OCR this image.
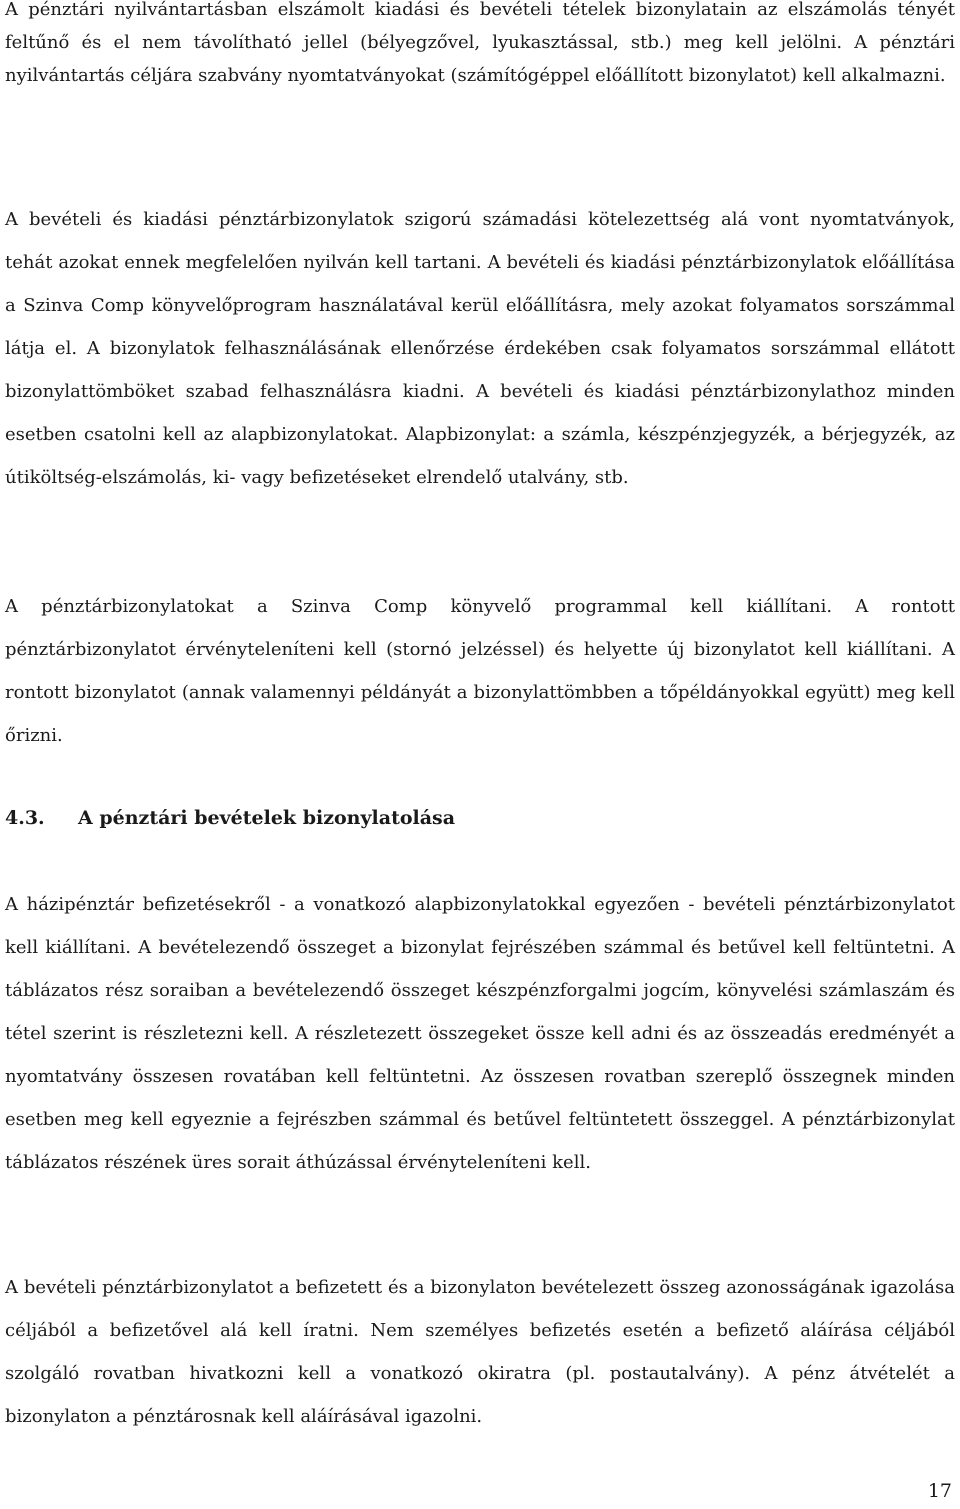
A pénztári nyilvántartásban elszámolt kiadási és bevételi tételek bizonylatain az elszámolás tényét feltűnő és el nem távolítható jellel (bélyegzővel, lyukasztással, stb.) meg kell jelölni. A pénztári nyilvántartás céljára szabvány nyomtatványokat (számítógéppel előállított bizonylatot) kell alkalmazni.

A bevételi és kiadási pénztárbizonylatok szigorú számadási kötelezettség alá vont nyomtatványok, tehát azokat ennek megfelelően nyilván kell tartani. A bevételi és kiadási pénztárbizonylatok előállítása a Szinva Comp könyvelőprogram használatával kerül előállításra, mely azokat folyamatos sorszámmal látja el. A bizonylatok felhasználásának ellenőrzése érdekében csak folyamatos sorszámmal ellátott bizonylattömböket szabad felhasználásra kiadni. A bevételi és kiadási pénztárbizonylathoz minden esetben csatolni kell az alapbizonylatokat. Alapbizonylat: a számla, készpénzjegyzék, a bérjegyzék, az útiköltség-elszámolás, ki- vagy befizetéseket elrendelő utalvány, stb.

A pénztárbizonylatokat a Szinva Comp könyvelő programmal kell kiállítani. A rontott pénztárbizonylatot érvényteleníteni kell (stornó jelzéssel) és helyette új bizonylatot kell kiállítani. A rontott bizonylatot (annak valamennyi példányát a bizonylattömbben a tőpéldányokkal együtt) meg kell őrizni.

4.3. A pénztári bevételek bizonylatolása

A házipénztár befizetésekről - a vonatkozó alapbizonylatokkal egyezően - bevételi pénztárbizonylatot kell kiállítani. A bevételezendő összeget a bizonylat fejrészében számmal és betűvel kell feltüntetni. A táblázatos rész soraiban a bevételezendő összeget készpénzforgalmi jogcím, könyvelési számlaszám és tétel szerint is részletezni kell. A részletezett összegeket össze kell adni és az összeadás eredményét a nyomtatvány összesen rovatában kell feltüntetni. Az összesen rovatban szereplő összegnek minden esetben meg kell egyeznie a fejrészben számmal és betűvel feltüntetett összeggel. A pénztárbizonylat táblázatos részének üres sorait áthúzással érvényteleníteni kell.

A bevételi pénztárbizonylatot a befizetett és a bizonylaton bevételezett összeg azonosságának igazolása céljából a befizetővel alá kell íratni. Nem személyes befizetés esetén a befizető aláírása céljából szolgáló rovatban hivatkozni kell a vonatkozó okiratra (pl. postautalvány). A pénz átvételét a bizonylaton a pénztárosnak kell aláírásával igazolni.

17
